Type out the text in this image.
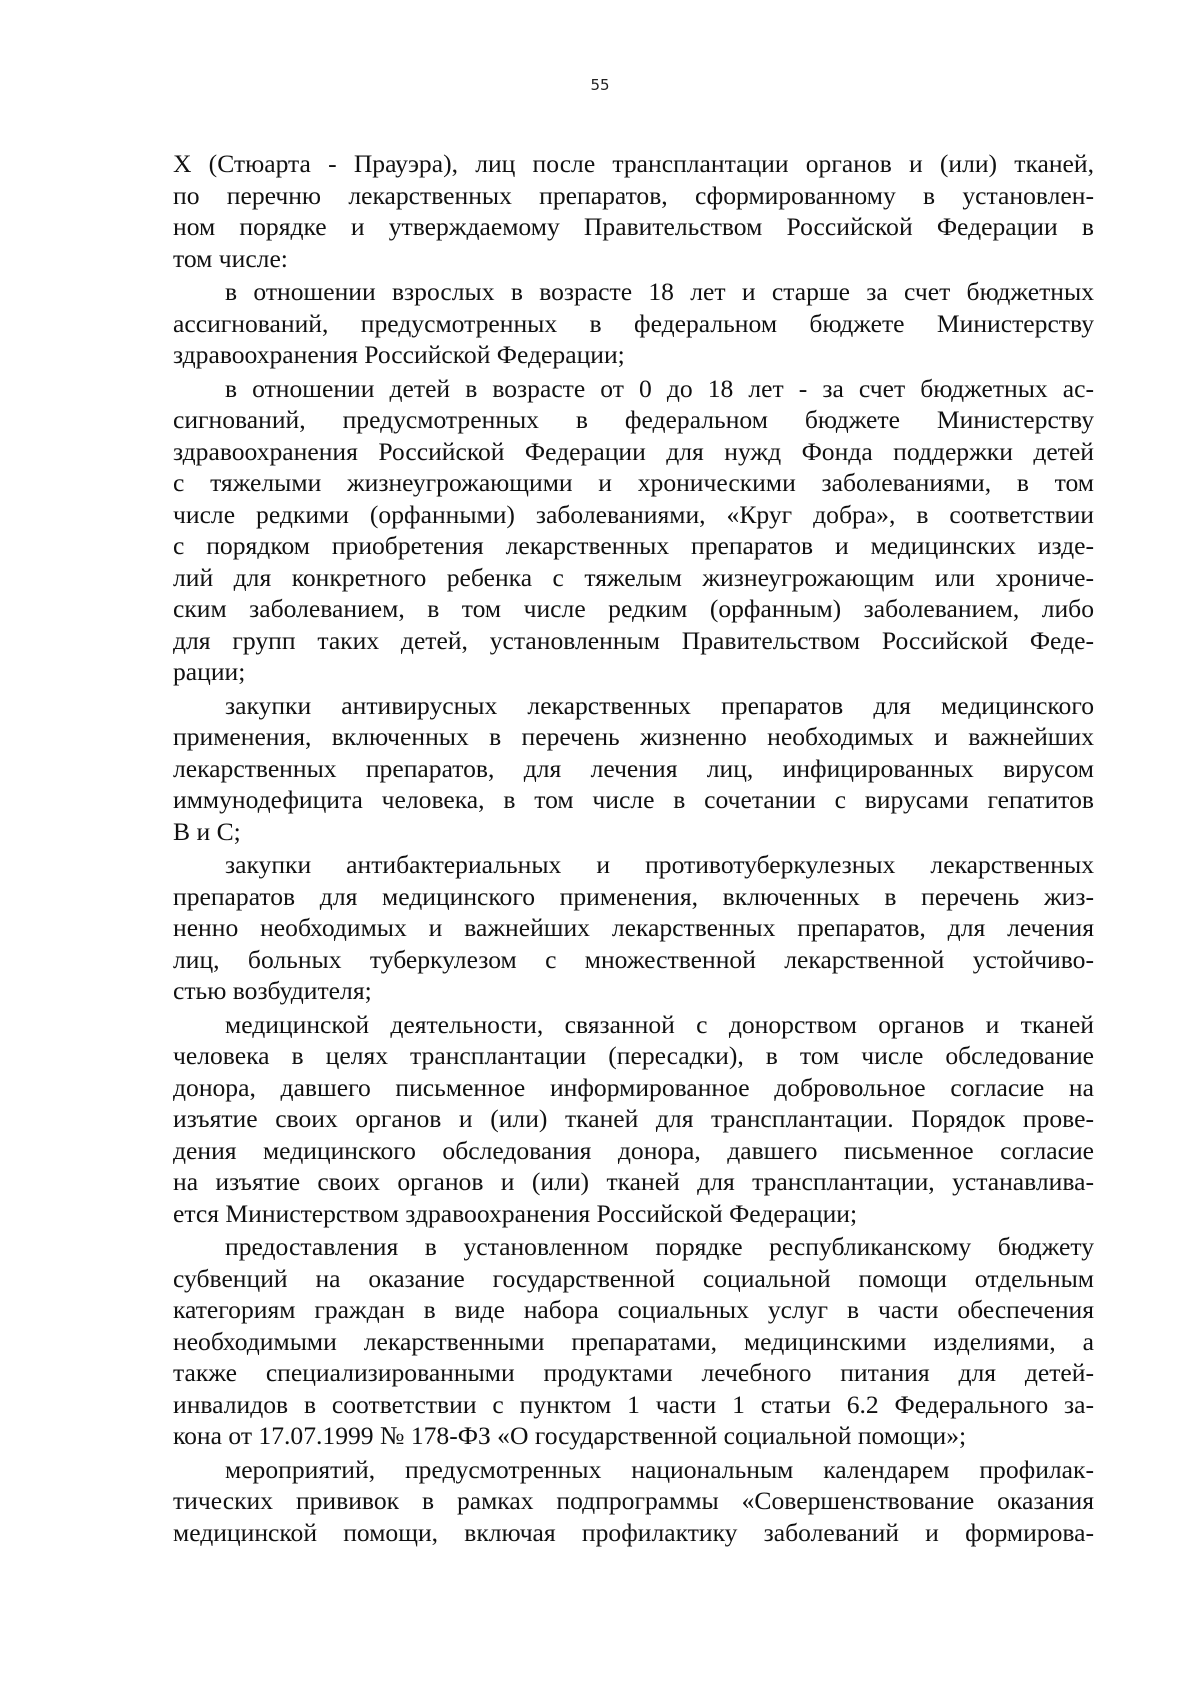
55
Х (Стюарта - Прауэра), лиц после трансплантации органов и (или) тканей,
по перечню лекарственных препаратов, сформированному в установлен-
ном порядке и утверждаемому Правительством Российской Федерации в
том числе:
в отношении взрослых в возрасте 18 лет и старше за счет бюджетных
ассигнований, предусмотренных в федеральном бюджете Министерству
здравоохранения Российской Федерации;
в отношении детей в возрасте от 0 до 18 лет - за счет бюджетных ас-
сигнований, предусмотренных в федеральном бюджете Министерству
здравоохранения Российской Федерации для нужд Фонда поддержки детей
с тяжелыми жизнеугрожающими и хроническими заболеваниями, в том
числе редкими (орфанными) заболеваниями, «Круг добра», в соответствии
с порядком приобретения лекарственных препаратов и медицинских изде-
лий для конкретного ребенка с тяжелым жизнеугрожающим или хрониче-
ским заболеванием, в том числе редким (орфанным) заболеванием, либо
для групп таких детей, установленным Правительством Российской Феде-
рации;
закупки антивирусных лекарственных препаратов для медицинского
применения, включенных в перечень жизненно необходимых и важнейших
лекарственных препаратов, для лечения лиц, инфицированных вирусом
иммунодефицита человека, в том числе в сочетании с вирусами гепатитов
B и C;
закупки антибактериальных и противотуберкулезных лекарственных
препаратов для медицинского применения, включенных в перечень жиз-
ненно необходимых и важнейших лекарственных препаратов, для лечения
лиц, больных туберкулезом с множественной лекарственной устойчиво-
стью возбудителя;
медицинской деятельности, связанной с донорством органов и тканей
человека в целях трансплантации (пересадки), в том числе обследование
донора, давшего письменное информированное добровольное согласие на
изъятие своих органов и (или) тканей для трансплантации. Порядок прове-
дения медицинского обследования донора, давшего письменное согласие
на изъятие своих органов и (или) тканей для трансплантации, устанавлива-
ется Министерством здравоохранения Российской Федерации;
предоставления в установленном порядке республиканскому бюджету
субвенций на оказание государственной социальной помощи отдельным
категориям граждан в виде набора социальных услуг в части обеспечения
необходимыми лекарственными препаратами, медицинскими изделиями, а
также специализированными продуктами лечебного питания для детей-
инвалидов в соответствии с пунктом 1 части 1 статьи 6.2 Федерального за-
кона от 17.07.1999 № 178-ФЗ «О государственной социальной помощи»;
мероприятий, предусмотренных национальным календарем профилак-
тических прививок в рамках подпрограммы «Совершенствование оказания
медицинской помощи, включая профилактику заболеваний и формирова-
